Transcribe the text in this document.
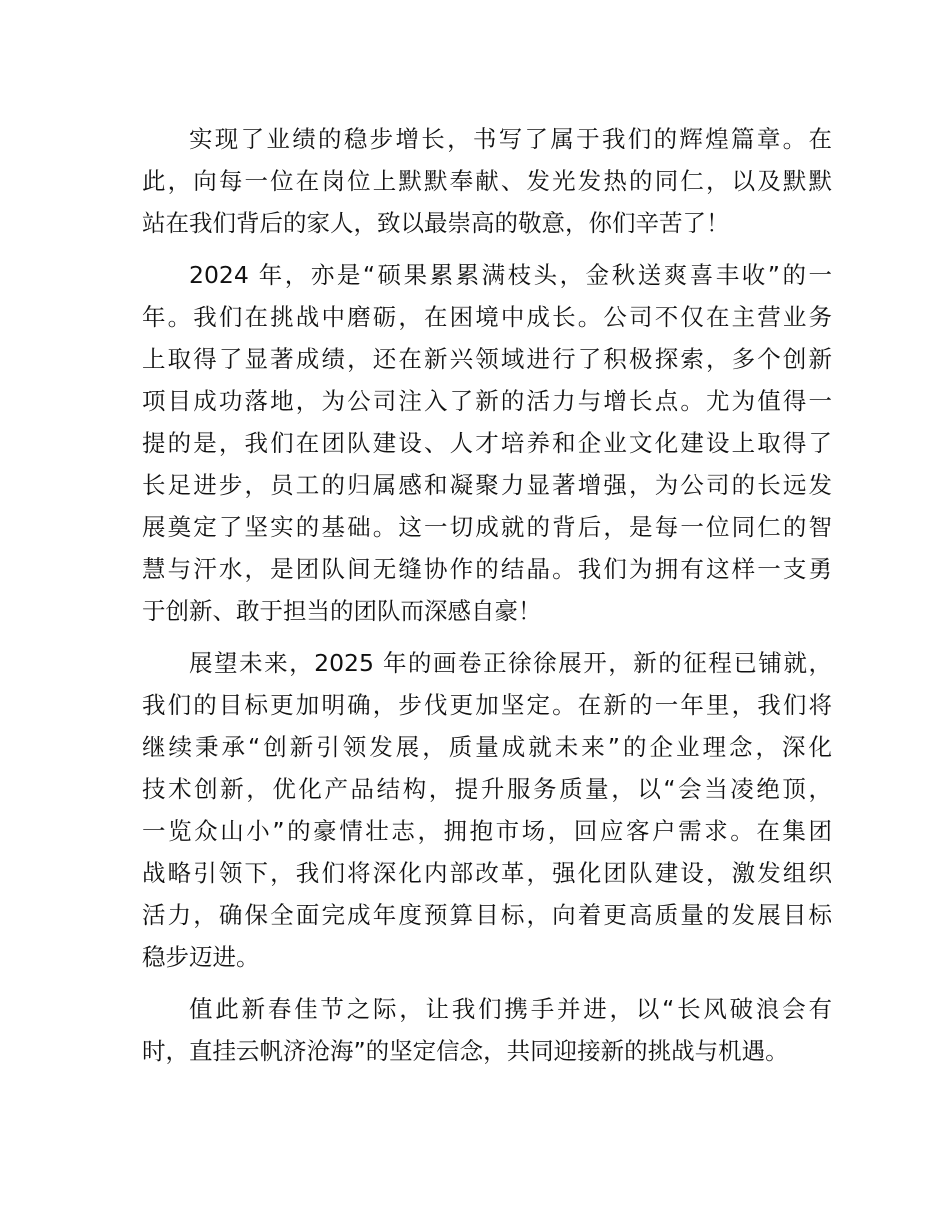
实现了业绩的稳步增长，书写了属于我们的辉煌篇章。在
此，向每一位在岗位上默默奉献、发光发热的同仁，以及默默
站在我们背后的家人，致以最崇高的敬意，你们辛苦了！
2024 年，亦是“硕果累累满枝头，金秋送爽喜丰收”的一
年。我们在挑战中磨砺，在困境中成长。公司不仅在主营业务
上取得了显著成绩，还在新兴领域进行了积极探索，多个创新
项目成功落地，为公司注入了新的活力与增长点。尤为值得一
提的是，我们在团队建设、人才培养和企业文化建设上取得了
长足进步，员工的归属感和凝聚力显著增强，为公司的长远发
展奠定了坚实的基础。这一切成就的背后，是每一位同仁的智
慧与汗水，是团队间无缝协作的结晶。我们为拥有这样一支勇
于创新、敢于担当的团队而深感自豪！
展望未来，2025 年的画卷正徐徐展开，新的征程已铺就，
我们的目标更加明确，步伐更加坚定。在新的一年里，我们将
继续秉承“创新引领发展，质量成就未来”的企业理念，深化
技术创新，优化产品结构，提升服务质量，以“会当凌绝顶，
一览众山小”的豪情壮志，拥抱市场，回应客户需求。在集团
战略引领下，我们将深化内部改革，强化团队建设，激发组织
活力，确保全面完成年度预算目标，向着更高质量的发展目标
稳步迈进。
值此新春佳节之际，让我们携手并进，以“长风破浪会有
时，直挂云帆济沧海”的坚定信念，共同迎接新的挑战与机遇。
